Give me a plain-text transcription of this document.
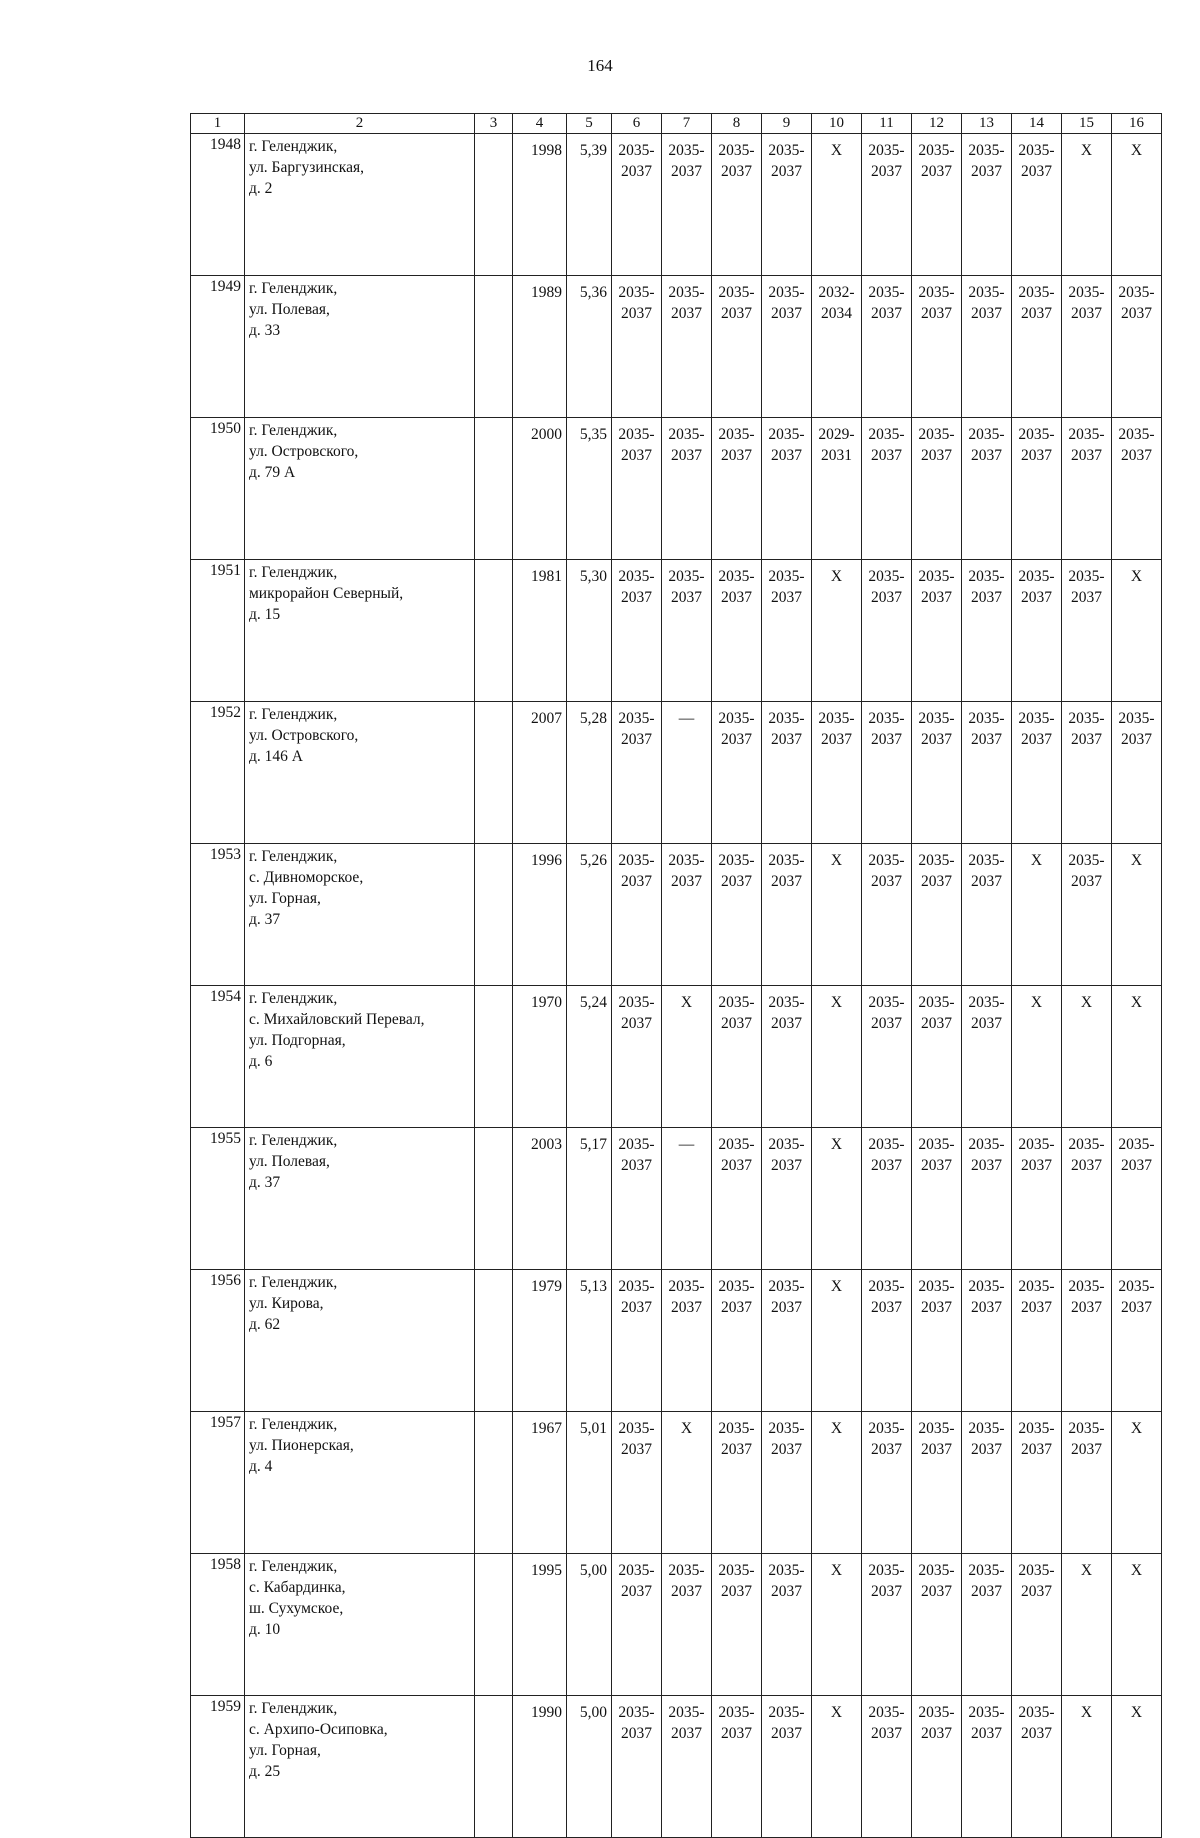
164
1	2	3	4	5	6	7	8	9	10	11	12	13	14	15	16
1948	г. Геленджик,
ул. Баргузинская,
д. 2		1998	5,39	2035-
2037	2035-
2037	2035-
2037	2035-
2037	X	2035-
2037	2035-
2037	2035-
2037	2035-
2037	X	X
1949	г. Геленджик,
ул. Полевая,
д. 33		1989	5,36	2035-
2037	2035-
2037	2035-
2037	2035-
2037	2032-
2034	2035-
2037	2035-
2037	2035-
2037	2035-
2037	2035-
2037	2035-
2037
1950	г. Геленджик,
ул. Островского,
д. 79 А		2000	5,35	2035-
2037	2035-
2037	2035-
2037	2035-
2037	2029-
2031	2035-
2037	2035-
2037	2035-
2037	2035-
2037	2035-
2037	2035-
2037
1951	г. Геленджик,
микрорайон Северный,
д. 15		1981	5,30	2035-
2037	2035-
2037	2035-
2037	2035-
2037	X	2035-
2037	2035-
2037	2035-
2037	2035-
2037	2035-
2037	X
1952	г. Геленджик,
ул. Островского,
д. 146 А		2007	5,28	2035-
2037	—	2035-
2037	2035-
2037	2035-
2037	2035-
2037	2035-
2037	2035-
2037	2035-
2037	2035-
2037	2035-
2037
1953	г. Геленджик,
с. Дивноморское,
ул. Горная,
д. 37		1996	5,26	2035-
2037	2035-
2037	2035-
2037	2035-
2037	X	2035-
2037	2035-
2037	2035-
2037	X	2035-
2037	X
1954	г. Геленджик,
с. Михайловский Перевал,
ул. Подгорная,
д. 6		1970	5,24	2035-
2037	X	2035-
2037	2035-
2037	X	2035-
2037	2035-
2037	2035-
2037	X	X	X
1955	г. Геленджик,
ул. Полевая,
д. 37		2003	5,17	2035-
2037	—	2035-
2037	2035-
2037	X	2035-
2037	2035-
2037	2035-
2037	2035-
2037	2035-
2037	2035-
2037
1956	г. Геленджик,
ул. Кирова,
д. 62		1979	5,13	2035-
2037	2035-
2037	2035-
2037	2035-
2037	X	2035-
2037	2035-
2037	2035-
2037	2035-
2037	2035-
2037	2035-
2037
1957	г. Геленджик,
ул. Пионерская,
д. 4		1967	5,01	2035-
2037	X	2035-
2037	2035-
2037	X	2035-
2037	2035-
2037	2035-
2037	2035-
2037	2035-
2037	X
1958	г. Геленджик,
с. Кабардинка,
ш. Сухумское,
д. 10		1995	5,00	2035-
2037	2035-
2037	2035-
2037	2035-
2037	X	2035-
2037	2035-
2037	2035-
2037	2035-
2037	X	X
1959	г. Геленджик,
с. Архипо-Осиповка,
ул. Горная,
д. 25		1990	5,00	2035-
2037	2035-
2037	2035-
2037	2035-
2037	X	2035-
2037	2035-
2037	2035-
2037	2035-
2037	X	X
